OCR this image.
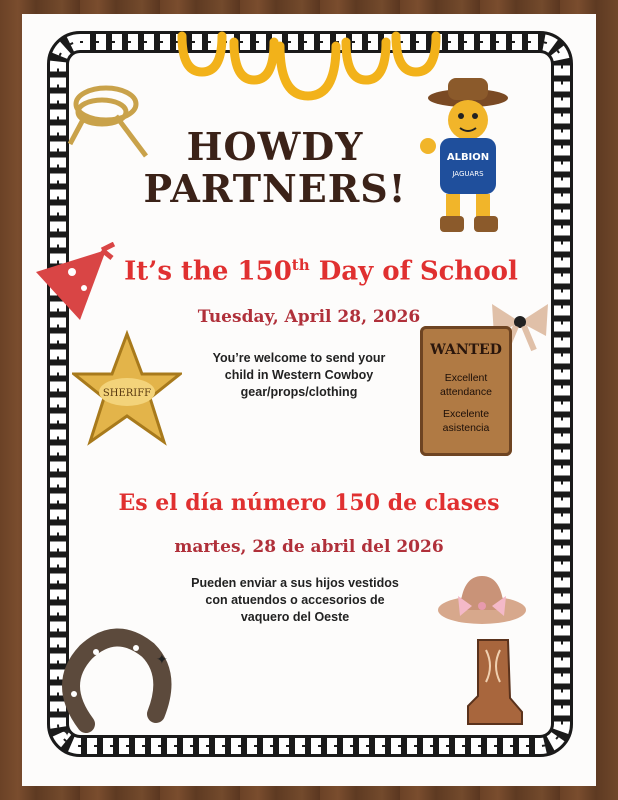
HOWDY
PARTNERS!
ALBION
JAGUARS
It’s the 150th Day of School
Tuesday, April 28, 2026
SHERIFF
You’re welcome to send your
child in Western Cowboy
gear/props/clothing
WANTED
Excellent
attendance
Excelente
asistencia
Es el día número 150 de clases
martes, 28 de abril del 2026
Pueden enviar a sus hijos vestidos
con atuendos o accesorios de
vaquero del Oeste
✦
✦
